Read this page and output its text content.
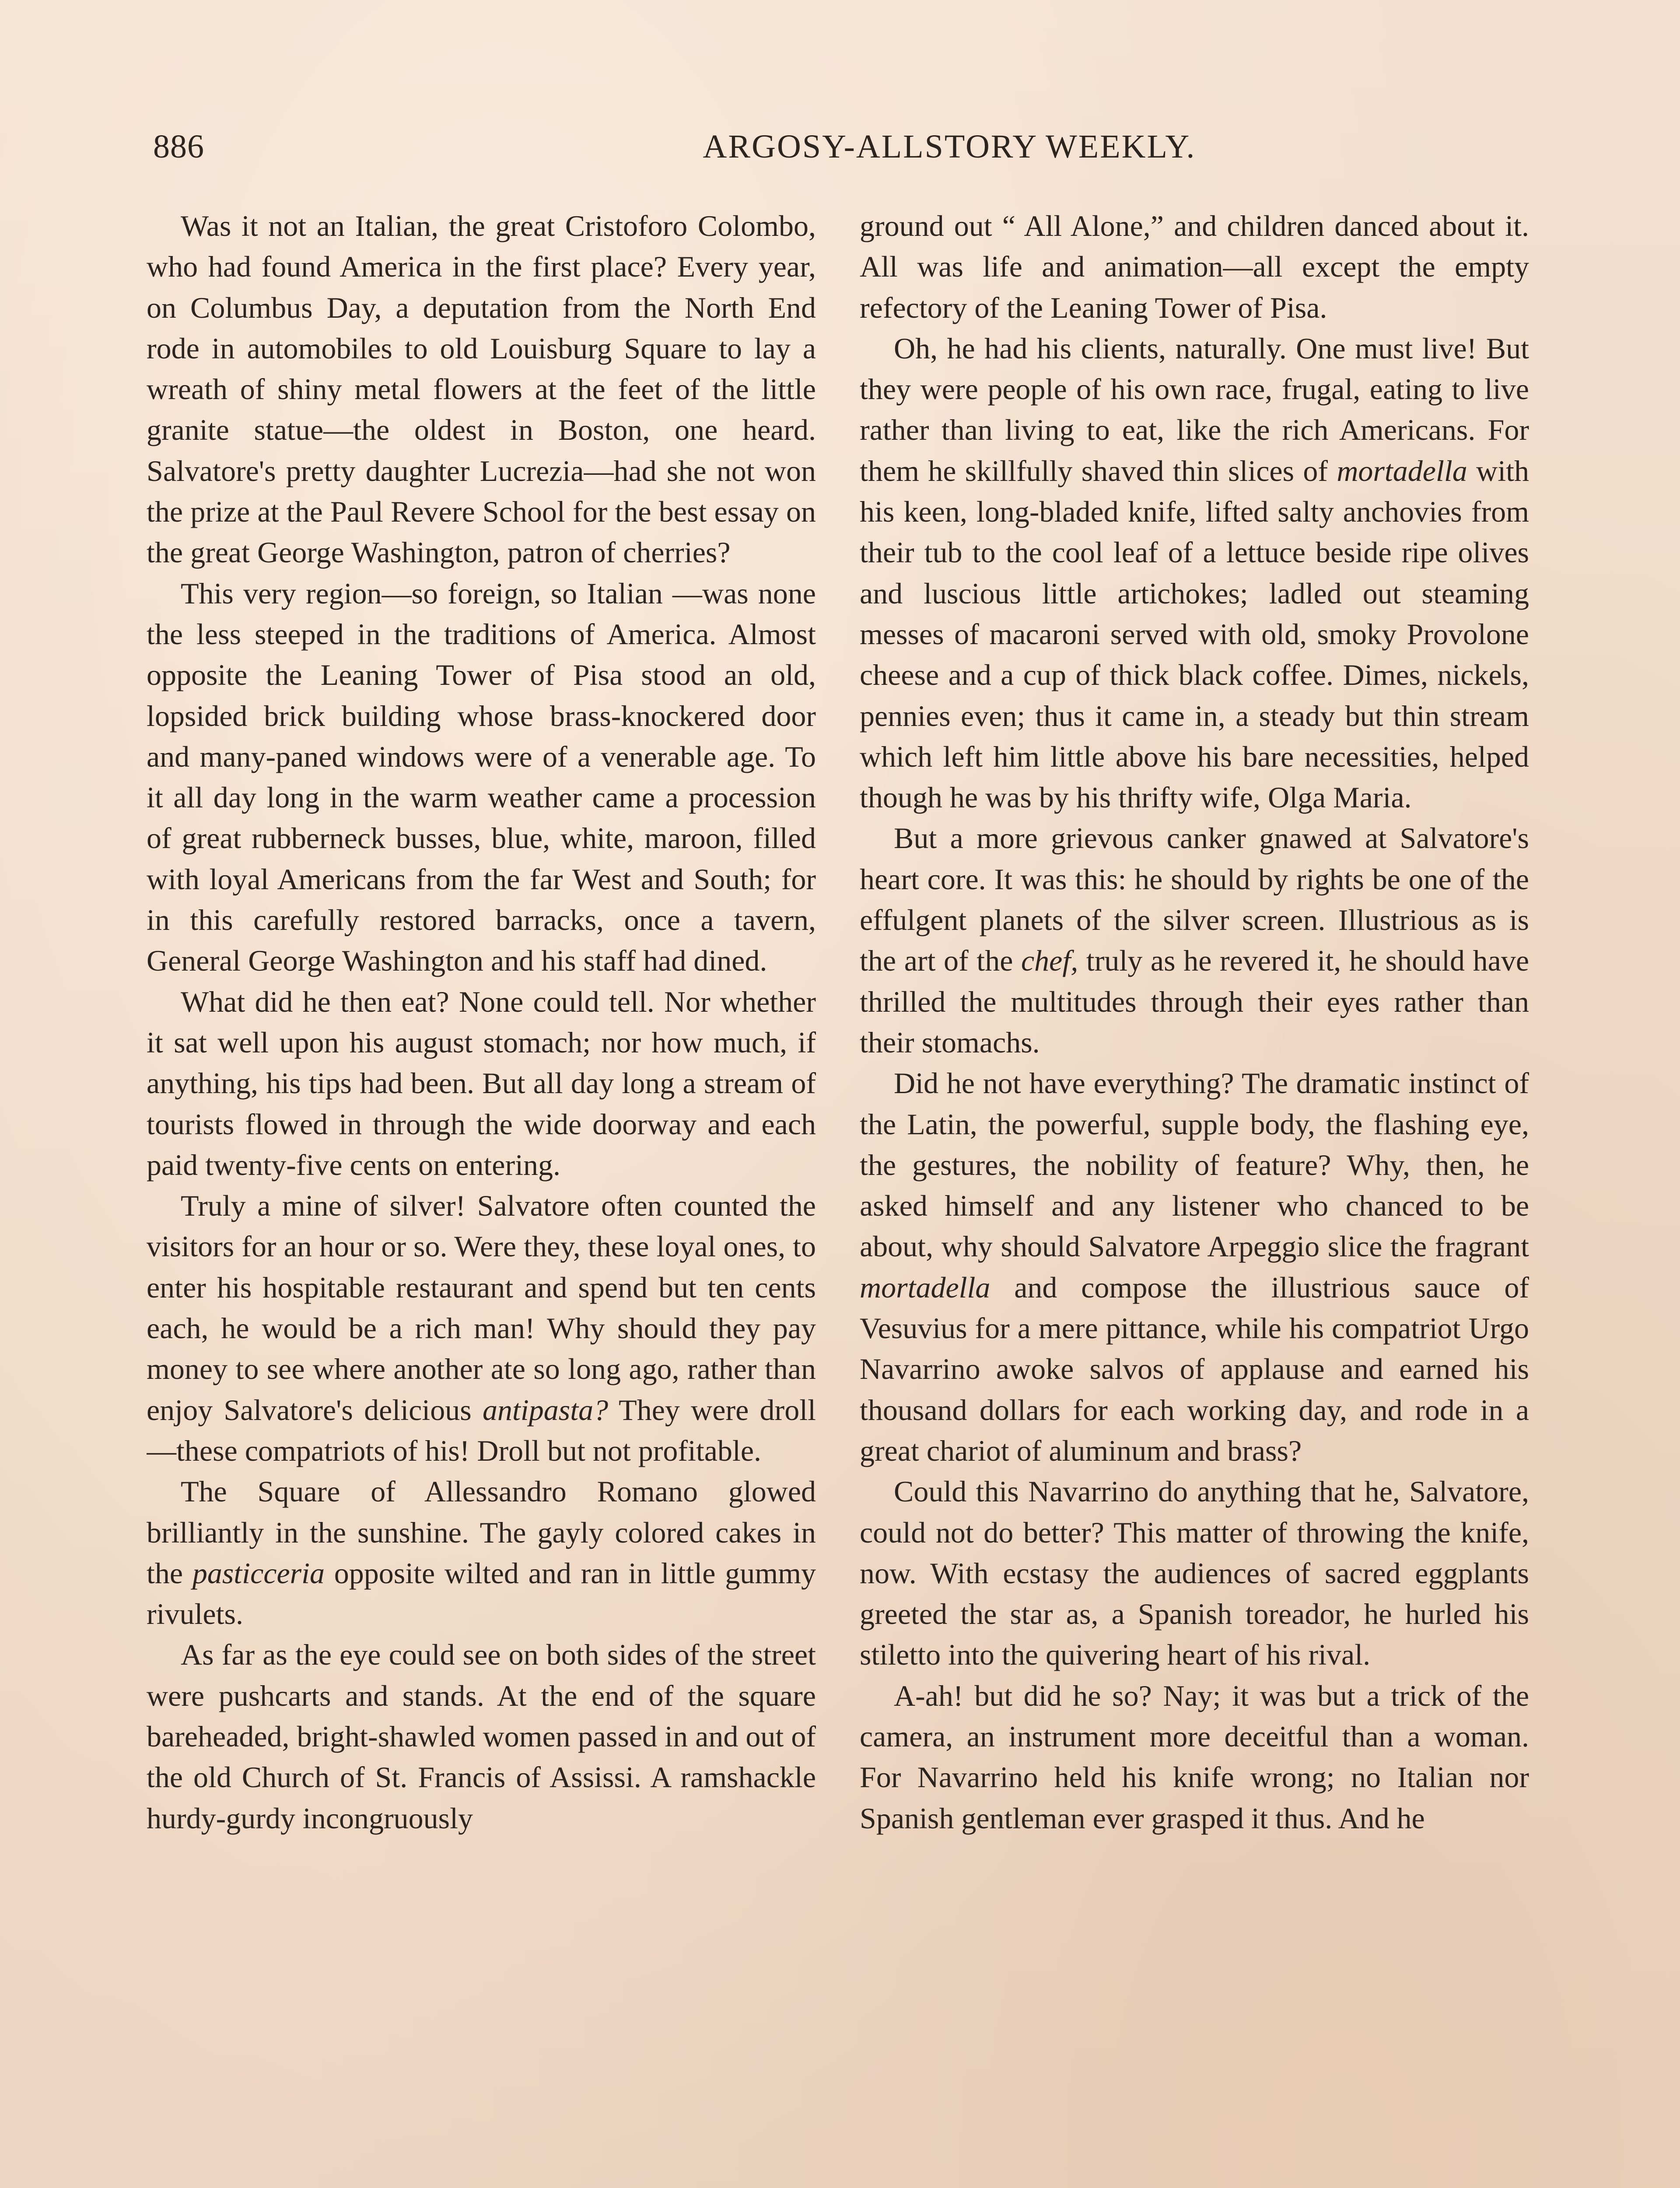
886	ARGOSY-ALLSTORY WEEKLY.

Was it not an Italian, the great Cristoforo Colombo, who had found America in the first place? Every year, on Columbus Day, a deputation from the North End rode in automobiles to old Louisburg Square to lay a wreath of shiny metal flowers at the feet of the little granite statue—the oldest in Boston, one heard. Salvatore's pretty daughter Lucrezia—had she not won the prize at the Paul Revere School for the best essay on the great George Washington, patron of cherries?

This very region—so foreign, so Italian —was none the less steeped in the traditions of America. Almost opposite the Leaning Tower of Pisa stood an old, lopsided brick building whose brass-knockered door and many-paned windows were of a venerable age. To it all day long in the warm weather came a procession of great rubberneck busses, blue, white, maroon, filled with loyal Americans from the far West and South; for in this carefully restored barracks, once a tavern, General George Washington and his staff had dined.

What did he then eat? None could tell. Nor whether it sat well upon his august stomach; nor how much, if anything, his tips had been. But all day long a stream of tourists flowed in through the wide doorway and each paid twenty-five cents on entering.

Truly a mine of silver! Salvatore often counted the visitors for an hour or so. Were they, these loyal ones, to enter his hospitable restaurant and spend but ten cents each, he would be a rich man! Why should they pay money to see where another ate so long ago, rather than enjoy Salvatore's delicious antipasta? They were droll—these compatriots of his! Droll but not profitable.

The Square of Allessandro Romano glowed brilliantly in the sunshine. The gayly colored cakes in the pasticceria opposite wilted and ran in little gummy rivulets.

As far as the eye could see on both sides of the street were pushcarts and stands. At the end of the square bareheaded, bright-shawled women passed in and out of the old Church of St. Francis of Assissi. A ramshackle hurdy-gurdy incongruously

ground out “ All Alone,” and children danced about it. All was life and animation—all except the empty refectory of the Leaning Tower of Pisa.

Oh, he had his clients, naturally. One must live! But they were people of his own race, frugal, eating to live rather than living to eat, like the rich Americans. For them he skillfully shaved thin slices of mortadella with his keen, long-bladed knife, lifted salty anchovies from their tub to the cool leaf of a lettuce beside ripe olives and luscious little artichokes; ladled out steaming messes of macaroni served with old, smoky Provolone cheese and a cup of thick black coffee. Dimes, nickels, pennies even; thus it came in, a steady but thin stream which left him little above his bare necessities, helped though he was by his thrifty wife, Olga Maria.

But a more grievous canker gnawed at Salvatore's heart core. It was this: he should by rights be one of the effulgent planets of the silver screen. Illustrious as is the art of the chef, truly as he revered it, he should have thrilled the multitudes through their eyes rather than their stomachs.

Did he not have everything? The dramatic instinct of the Latin, the powerful, supple body, the flashing eye, the gestures, the nobility of feature? Why, then, he asked himself and any listener who chanced to be about, why should Salvatore Arpeggio slice the fragrant mortadella and compose the illustrious sauce of Vesuvius for a mere pittance, while his compatriot Urgo Navarrino awoke salvos of applause and earned his thousand dollars for each working day, and rode in a great chariot of aluminum and brass?

Could this Navarrino do anything that he, Salvatore, could not do better? This matter of throwing the knife, now. With ecstasy the audiences of sacred eggplants greeted the star as, a Spanish toreador, he hurled his stiletto into the quivering heart of his rival.

A-ah! but did he so? Nay; it was but a trick of the camera, an instrument more deceitful than a woman. For Navarrino held his knife wrong; no Italian nor Spanish gentleman ever grasped it thus. And he
